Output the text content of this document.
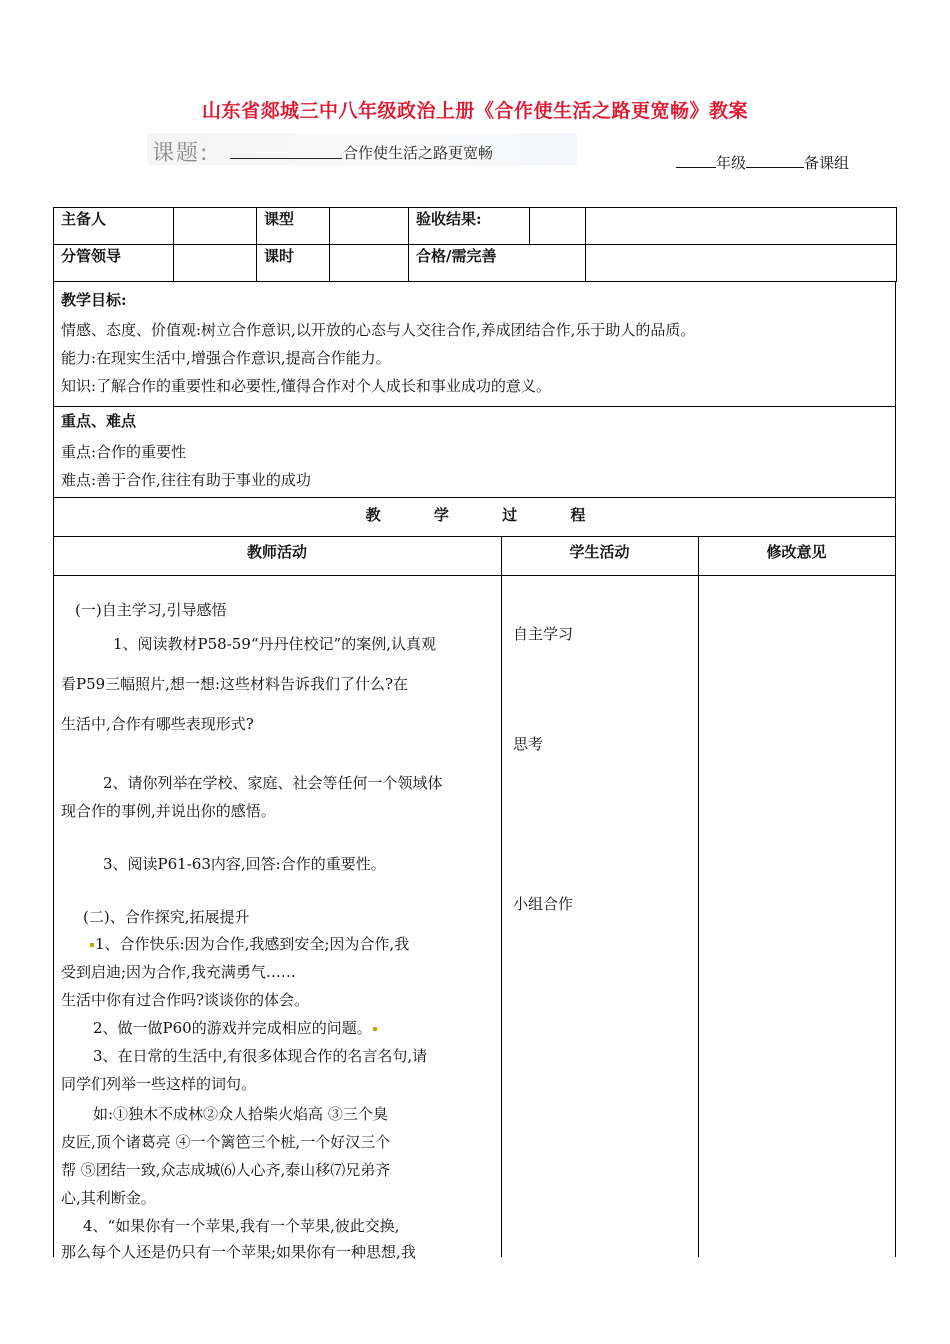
山东省郯城三中八年级政治上册《合作使生活之路更宽畅》教案
课题:	合作使生活之路更宽畅
年级	备课组
主备人		课型		验收结果:		
分管领导		课时		合格/需完善		
教学目标:
情感、态度、价值观:树立合作意识,以开放的心态与人交往合作,养成团结合作,乐于助人的品质。
能力:在现实生活中,增强合作意识,提高合作能力。
知识:了解合作的重要性和必要性,懂得合作对个人成长和事业成功的意义。
重点、难点
重点:合作的重要性
难点:善于合作,往往有助于事业的成功
教 学 过 程
教师活动	学生活动	修改意见
(一)自主学习,引导感悟
1、阅读教材P58-59“丹丹住校记”的案例,认真观
看P59三幅照片,想一想:这些材料告诉我们了什么?在
生活中,合作有哪些表现形式?
2、请你列举在学校、家庭、社会等任何一个领域体
现合作的事例,并说出你的感悟。
3、阅读P61-63内容,回答:合作的重要性。
(二)、合作探究,拓展提升
1、合作快乐:因为合作,我感到安全;因为合作,我
受到启迪;因为合作,我充满勇气……
生活中你有过合作吗?谈谈你的体会。
2、做一做P60的游戏并完成相应的问题。
3、在日常的生活中,有很多体现合作的名言名句,请
同学们列举一些这样的词句。
如:①独木不成林②众人拾柴火焰高 ③三个臭
皮匠,顶个诸葛亮 ④一个篱笆三个桩,一个好汉三个
帮 ⑤团结一致,众志成城⑹人心齐,泰山移⑺兄弟齐
心,其利断金。
4、“如果你有一个苹果,我有一个苹果,彼此交换,
那么每个人还是仍只有一个苹果;如果你有一种思想,我
自主学习
思考
小组合作
